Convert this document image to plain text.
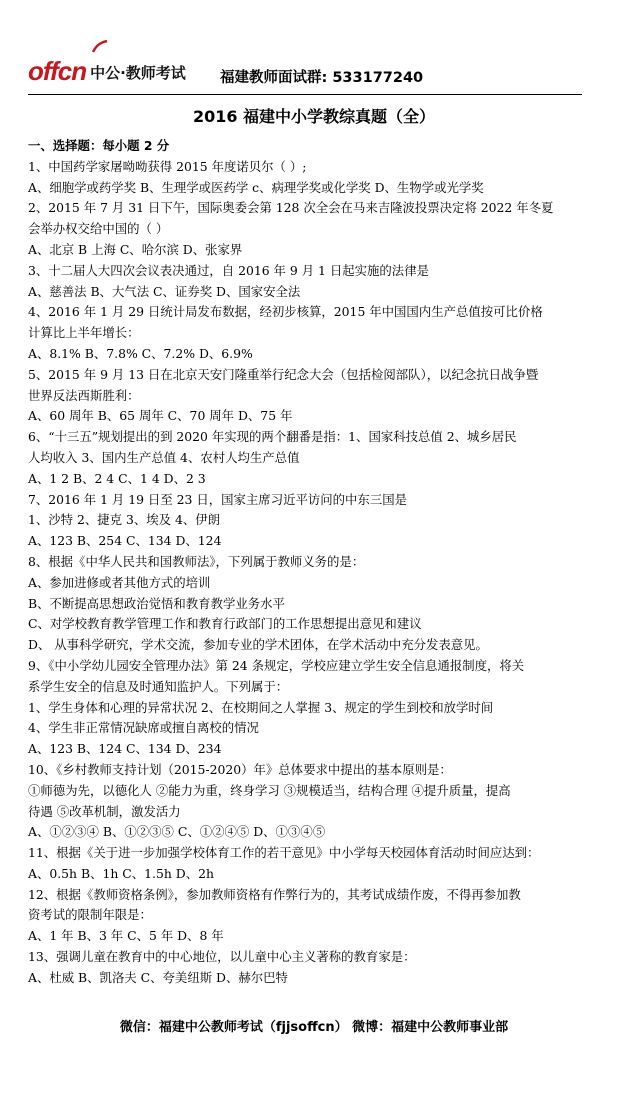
offcn 中公·教师考试 福建教师面试群: 533177240
2016 福建中小学教综真题（全）
一、选择题：每小题 2 分
1、中国药学家屠呦呦获得 2015 年度诺贝尔（ ）;
A、细胞学或药学奖 B、生理学或医药学 c、病理学奖或化学奖 D、生物学或光学奖
2、2015 年 7 月 31 日下午，国际奥委会第 128 次全会在马来吉隆波投票决定将 2022 年冬夏
会举办权交给中国的（ ）
A、北京 B 上海 C、哈尔滨 D、张家界
3、十二届人大四次会议表决通过，自 2016 年 9 月 1 日起实施的法律是
A、慈善法 B、大气法 C、证券奖 D、国家安全法
4、2016 年 1 月 29 日统计局发布数据，经初步核算，2015 年中国国内生产总值按可比价格
计算比上半年增长：
A、8.1% B、7.8% C、7.2% D、6.9%
5、2015 年 9 月 13 日在北京天安门隆重举行纪念大会（包括检阅部队），以纪念抗日战争暨
世界反法西斯胜利：
A、60 周年 B、65 周年 C、70 周年 D、75 年
6、“十三五”规划提出的到 2020 年实现的两个翻番是指：1、国家科技总值 2、城乡居民
人均收入 3、国内生产总值 4、农村人均生产总值
A、1 2 B、2 4 C、1 4 D、2 3
7、2016 年 1 月 19 日至 23 日，国家主席习近平访问的中东三国是
1、沙特 2、捷克 3、埃及 4、伊朗
A、123 B、254 C、134 D、124
8、根据《中华人民共和国教师法》，下列属于教师义务的是：
A、参加进修或者其他方式的培训
B、不断提高思想政治觉悟和教育教学业务水平
C、对学校教育教学管理工作和教育行政部门的工作思想提出意见和建议
D、 从事科学研究，学术交流，参加专业的学术团体，在学术活动中充分发表意见。
9、《中小学幼儿园安全管理办法》第 24 条规定，学校应建立学生安全信息通报制度，将关
系学生安全的信息及时通知监护人。下列属于：
1、学生身体和心理的异常状况 2、在校期间之人掌握 3、规定的学生到校和放学时间
4、学生非正常情况缺席或擅自离校的情况
A、123 B、124 C、134 D、234
10、《乡村教师支持计划（2015-2020）年》总体要求中提出的基本原则是：
①师德为先，以德化人 ②能力为重，终身学习 ③规模适当，结构合理 ④提升质量，提高
待遇 ⑤改革机制，激发活力
A、①②③④ B、①②③⑤ C、①②④⑤ D、①③④⑤
11、根据《关于进一步加强学校体育工作的若干意见》中小学每天校园体育活动时间应达到：
A、0.5h B、1h C、1.5h D、2h
12、根据《教师资格条例》，参加教师资格有作弊行为的，其考试成绩作废，不得再参加教
资考试的限制年限是：
A、1 年 B、3 年 C、5 年 D、8 年
13、强调儿童在教育中的中心地位，以儿童中心主义著称的教育家是：
A、杜威 B、凯洛夫 C、夸美纽斯 D、赫尔巴特
微信：福建中公教师考试（fjjsoffcn） 微博：福建中公教师事业部
